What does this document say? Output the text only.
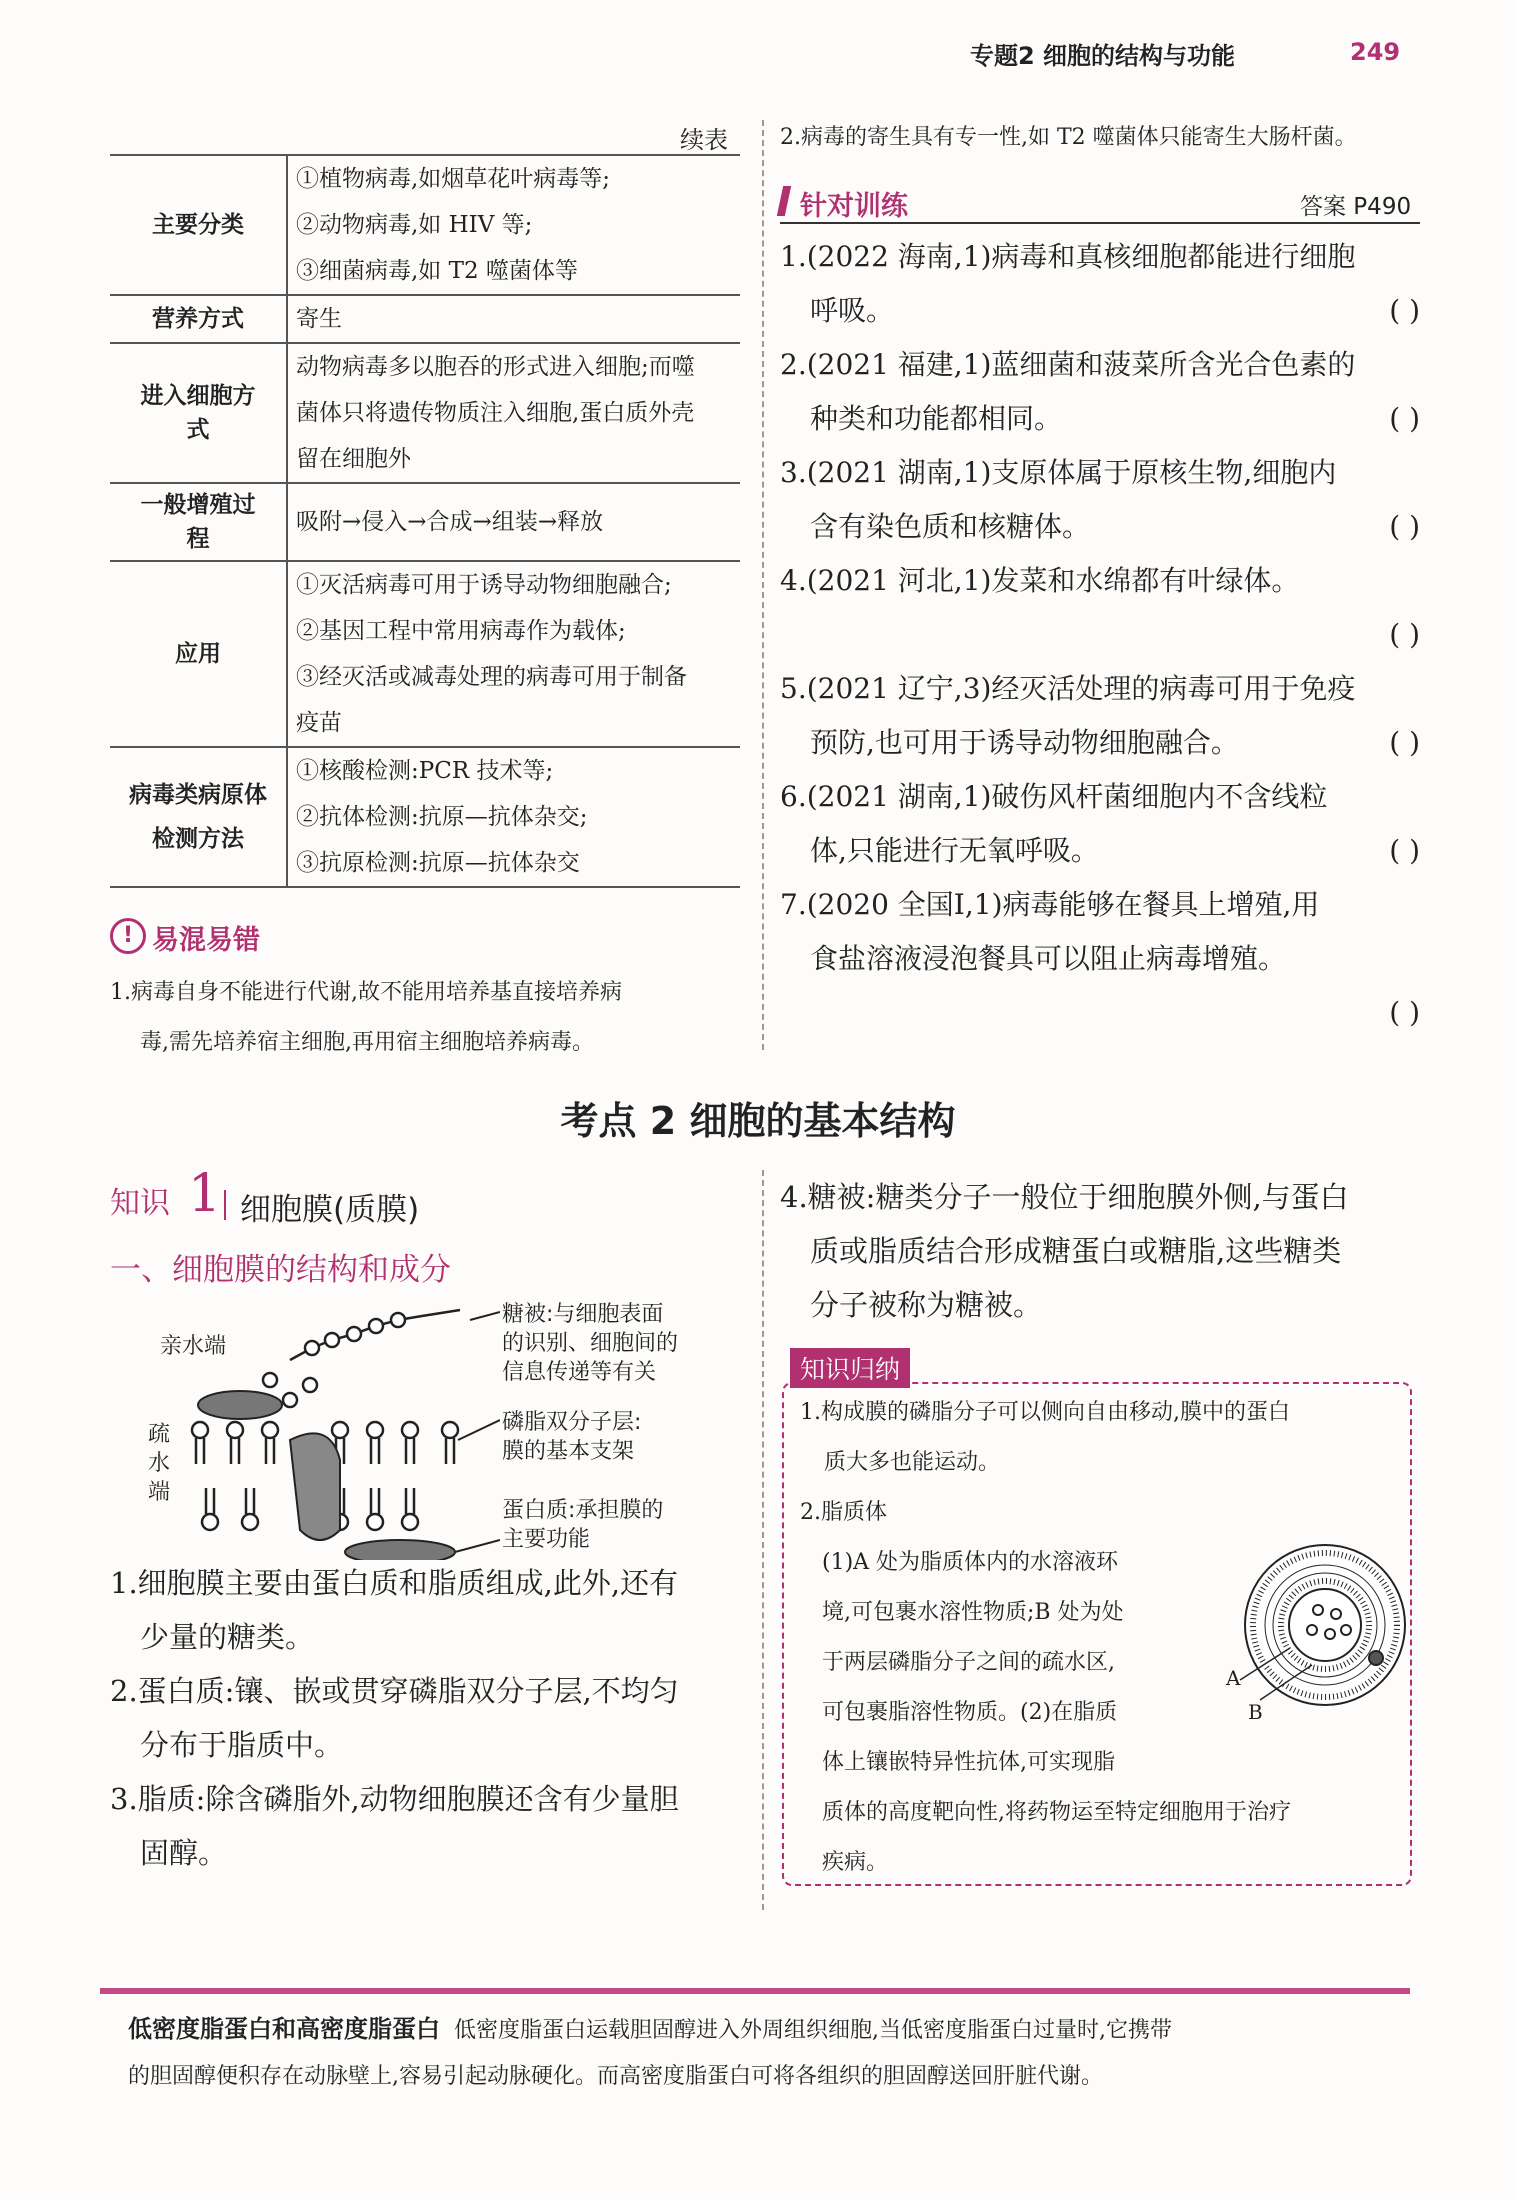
专题2 细胞的结构与功能	249
续表
主要分类	①植物病毒,如烟草花叶病毒等;
②动物病毒,如 HIV 等;
③细菌病毒,如 T2 噬菌体等

营养方式	寄生

进入细胞方式	动物病毒多以胞吞的形式进入细胞;而噬
菌体只将遗传物质注入细胞,蛋白质外壳
留在细胞外

一般增殖过程	吸附→侵入→合成→组装→释放

应用	①灭活病毒可用于诱导动物细胞融合;
②基因工程中常用病毒作为载体;
③经灭活或减毒处理的病毒可用于制备
疫苗

病毒类病原体检测方法	①核酸检测:PCR 技术等;
②抗体检测:抗原—抗体杂交;
③抗原检测:抗原—抗体杂交
! 易混易错
1.病毒自身不能进行代谢,故不能用培养基直接培养病
毒,需先培养宿主细胞,再用宿主细胞培养病毒。
2.病毒的寄生具有专一性,如 T2 噬菌体只能寄生大肠杆菌。
针对训练	答案 P490
1.(2022 海南,1)病毒和真核细胞都能进行细胞
呼吸。	( )
2.(2021 福建,1)蓝细菌和菠菜所含光合色素的
种类和功能都相同。	( )
3.(2021 湖南,1)支原体属于原核生物,细胞内
含有染色质和核糖体。	( )
4.(2021 河北,1)发菜和水绵都有叶绿体。
( )
5.(2021 辽宁,3)经灭活处理的病毒可用于免疫
预防,也可用于诱导动物细胞融合。	( )
6.(2021 湖南,1)破伤风杆菌细胞内不含线粒
体,只能进行无氧呼吸。	( )
7.(2020 全国Ⅰ,1)病毒能够在餐具上增殖,用
食盐溶液浸泡餐具可以阻止病毒增殖。
( )
考点 2 细胞的基本结构
知识 1 细胞膜(质膜)
一、细胞膜的结构和成分
亲水端
疏
水
端
糖被:与细胞表面
的识别、细胞间的
信息传递等有关
磷脂双分子层:
膜的基本支架
蛋白质:承担膜的
主要功能
1.细胞膜主要由蛋白质和脂质组成,此外,还有
少量的糖类。
2.蛋白质:镶、嵌或贯穿磷脂双分子层,不均匀
分布于脂质中。
3.脂质:除含磷脂外,动物细胞膜还含有少量胆
固醇。
4.糖被:糖类分子一般位于细胞膜外侧,与蛋白
质或脂质结合形成糖蛋白或糖脂,这些糖类
分子被称为糖被。
知识归纳
1.构成膜的磷脂分子可以侧向自由移动,膜中的蛋白
质大多也能运动。
2.脂质体
(1)A 处为脂质体内的水溶液环
境,可包裹水溶性物质;B 处为处
于两层磷脂分子之间的疏水区,
可包裹脂溶性物质。(2)在脂质
体上镶嵌特异性抗体,可实现脂
质体的高度靶向性,将药物运至特定细胞用于治疗
疾病。
A
B
低密度脂蛋白和高密度脂蛋白 低密度脂蛋白运载胆固醇进入外周组织细胞,当低密度脂蛋白过量时,它携带
的胆固醇便积存在动脉壁上,容易引起动脉硬化。而高密度脂蛋白可将各组织的胆固醇送回肝脏代谢。
